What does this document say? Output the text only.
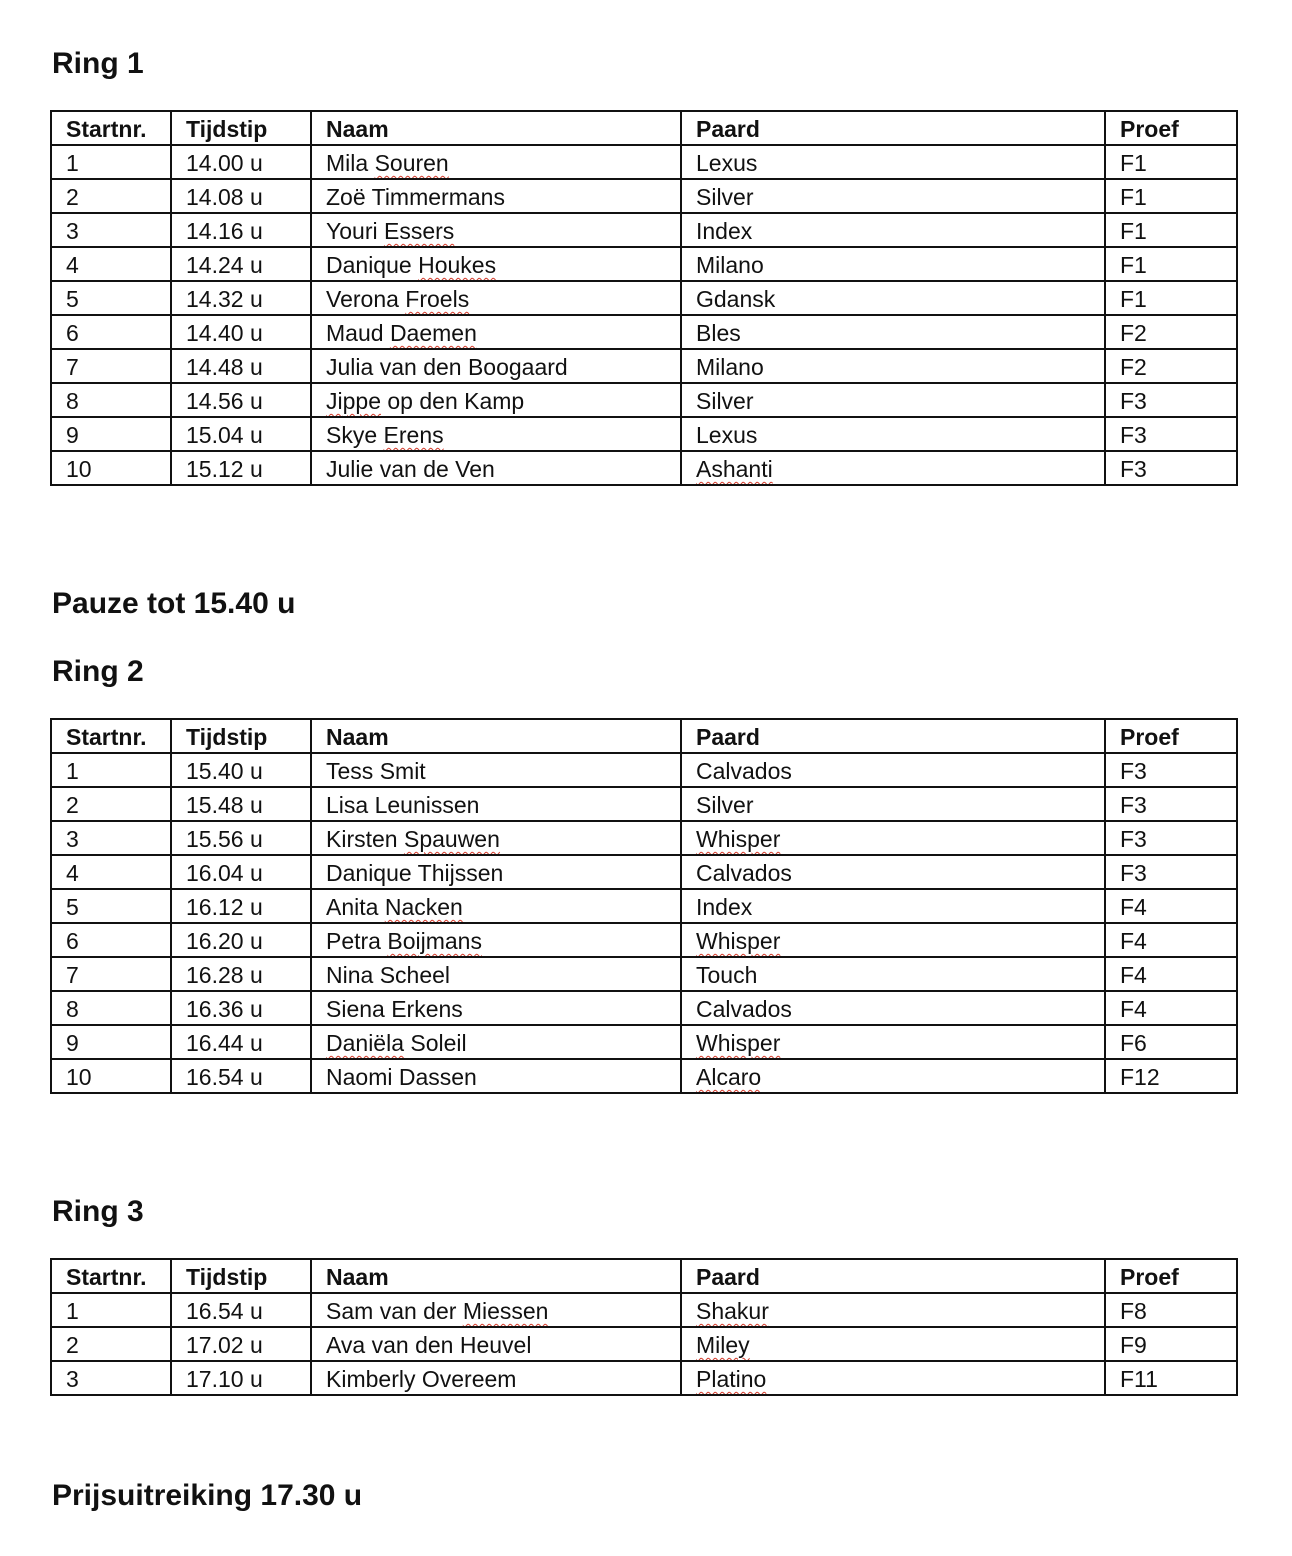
Ring 1
Startnr.	Tijdstip	Naam	Paard	Proef
1	14.00 u	Mila Souren	Lexus	F1
2	14.08 u	Zoë Timmermans	Silver	F1
3	14.16 u	Youri Essers	Index	F1
4	14.24 u	Danique Houkes	Milano	F1
5	14.32 u	Verona Froels	Gdansk	F1
6	14.40 u	Maud Daemen	Bles	F2
7	14.48 u	Julia van den Boogaard	Milano	F2
8	14.56 u	Jippe op den Kamp	Silver	F3
9	15.04 u	Skye Erens	Lexus	F3
10	15.12 u	Julie van de Ven	Ashanti	F3
Pauze tot 15.40 u
Ring 2
Startnr.	Tijdstip	Naam	Paard	Proef
1	15.40 u	Tess Smit	Calvados	F3
2	15.48 u	Lisa Leunissen	Silver	F3
3	15.56 u	Kirsten Spauwen	Whisper	F3
4	16.04 u	Danique Thijssen	Calvados	F3
5	16.12 u	Anita Nacken	Index	F4
6	16.20 u	Petra Boijmans	Whisper	F4
7	16.28 u	Nina Scheel	Touch	F4
8	16.36 u	Siena Erkens	Calvados	F4
9	16.44 u	Daniëla Soleil	Whisper	F6
10	16.54 u	Naomi Dassen	Alcaro	F12
Ring 3
Startnr.	Tijdstip	Naam	Paard	Proef
1	16.54 u	Sam van der Miessen	Shakur	F8
2	17.02 u	Ava van den Heuvel	Miley	F9
3	17.10 u	Kimberly Overeem	Platino	F11
Prijsuitreiking 17.30 u
